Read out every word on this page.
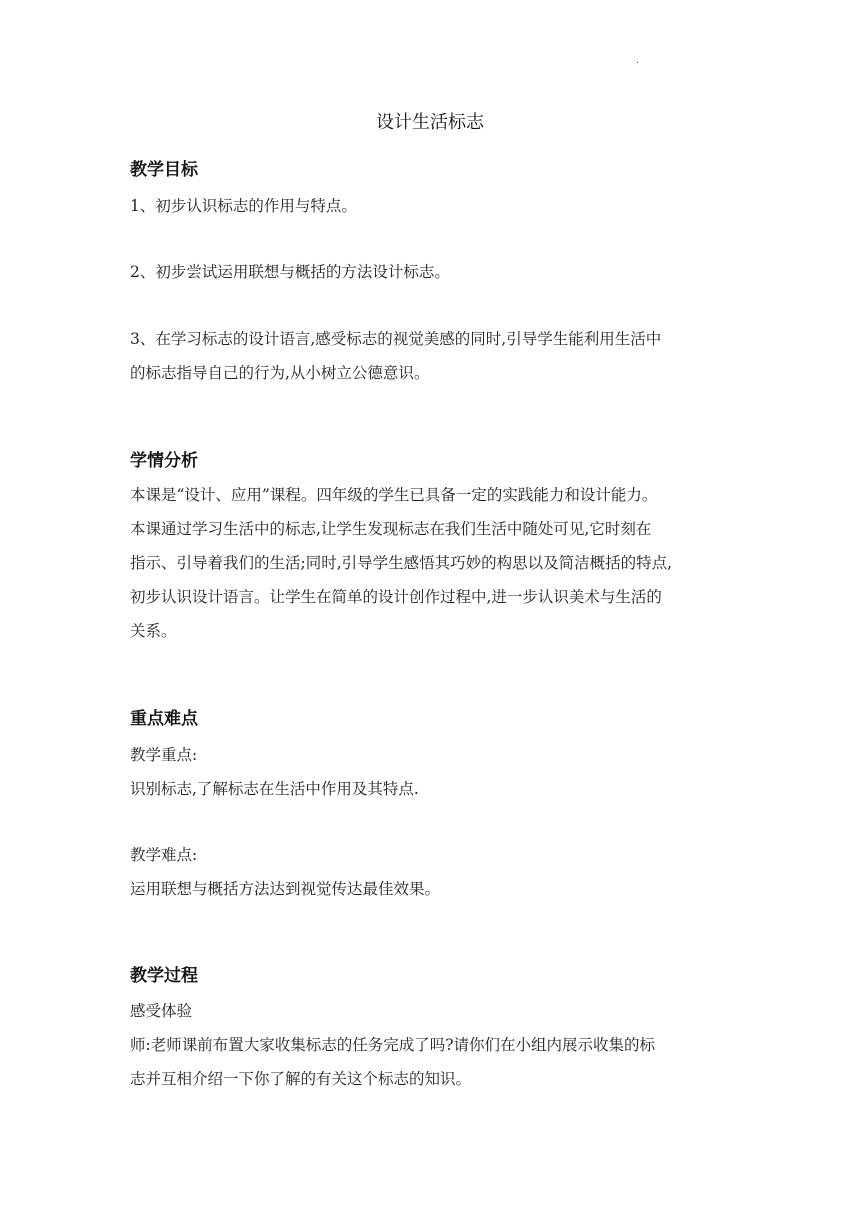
·
设计生活标志
教学目标
1、初步认识标志的作用与特点。
2、初步尝试运用联想与概括的方法设计标志。
3、在学习标志的设计语言,感受标志的视觉美感的同时,引导学生能利用生活中
的标志指导自己的行为,从小树立公德意识。
学情分析
本课是“设计、应用”课程。四年级的学生已具备一定的实践能力和设计能力。
本课通过学习生活中的标志,让学生发现标志在我们生活中随处可见,它时刻在
指示、引导着我们的生活;同时,引导学生感悟其巧妙的构思以及简洁概括的特点,
初步认识设计语言。让学生在简单的设计创作过程中,进一步认识美术与生活的
关系。
重点难点
教学重点:
识别标志,了解标志在生活中作用及其特点.
教学难点:
运用联想与概括方法达到视觉传达最佳效果。
教学过程
感受体验
师:老师课前布置大家收集标志的任务完成了吗?请你们在小组内展示收集的标
志并互相介绍一下你了解的有关这个标志的知识。
